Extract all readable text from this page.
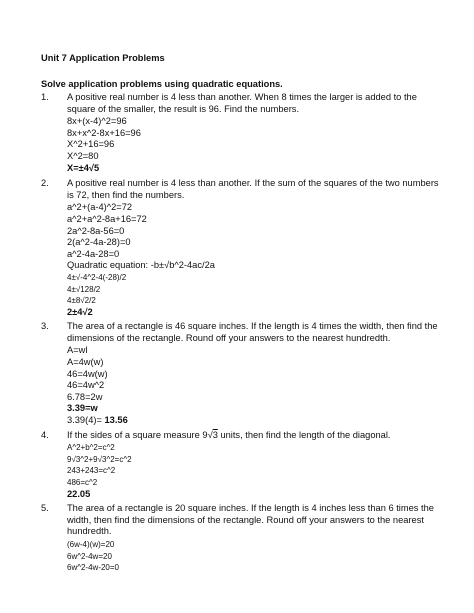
Unit 7 Application Problems
Solve application problems using quadratic equations.
1.	A positive real number is 4 less than another. When 8 times the larger is added to the square of the smaller, the result is 96. Find the numbers.
8x+(x-4)^2=96
8x+x^2-8x+16=96
X^2+16=96
X^2=80
X=±4√5
2.	A positive real number is 4 less than another. If the sum of the squares of the two numbers is 72, then find the numbers.
a^2+(a-4)^2=72
a^2+a^2-8a+16=72
2a^2-8a-56=0
2(a^2-4a-28)=0
a^2-4a-28=0
Quadratic equation: -b±√b^2-4ac/2a
4±√-4^2-4(-28)/2
4±√128/2
4±8√2/2
2±4√2
3.	The area of a rectangle is 46 square inches. If the length is 4 times the width, then find the dimensions of the rectangle. Round off your answers to the nearest hundredth.
A=wl
A=4w(w)
46=4w(w)
46=4w^2
6.78=2w
3.39=w
3.39(4)= 13.56
4.	If the sides of a square measure 9√3 units, then find the length of the diagonal.
A^2+b^2=c^2
9√3^2+9√3^2=c^2
243+243=c^2
486=c^2
22.05
5.	The area of a rectangle is 20 square inches. If the length is 4 inches less than 6 times the width, then find the dimensions of the rectangle. Round off your answers to the nearest hundredth.
(6w-4)(w)=20
6w^2-4w=20
6w^2-4w-20=0
